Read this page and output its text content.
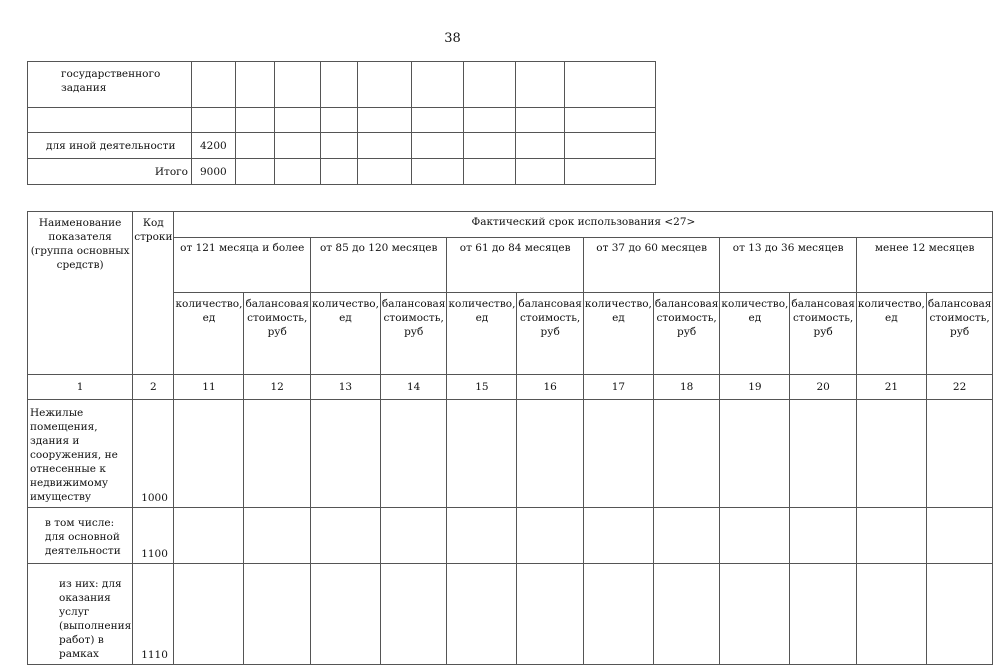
38
государственного задания									

для иной деятельности	4200								
Итого	9000								
Наименование показателя (группа основных средств)	Код строки	Фактический срок использования <27>											
		от 121 месяца и более		от 85 до 120 месяцев		от 61 до 84 месяцев		от 37 до 60 месяцев		от 13 до 36 месяцев		менее 12 месяцев	
		количество, ед	балансовая стоимость, руб	количество, ед	балансовая стоимость, руб	количество, ед	балансовая стоимость, руб	количество, ед	балансовая стоимость, руб	количество, ед	балансовая стоимость, руб	количество, ед	балансовая стоимость, руб
1	2	11	12	13	14	15	16	17	18	19	20	21	22
Нежилые помещения, здания и сооружения, не отнесенные к недвижимому имуществу	1000												
в том числе: для основной деятельности	1100												
из них: для оказания услуг (выполнения работ) в рамках	1110												
